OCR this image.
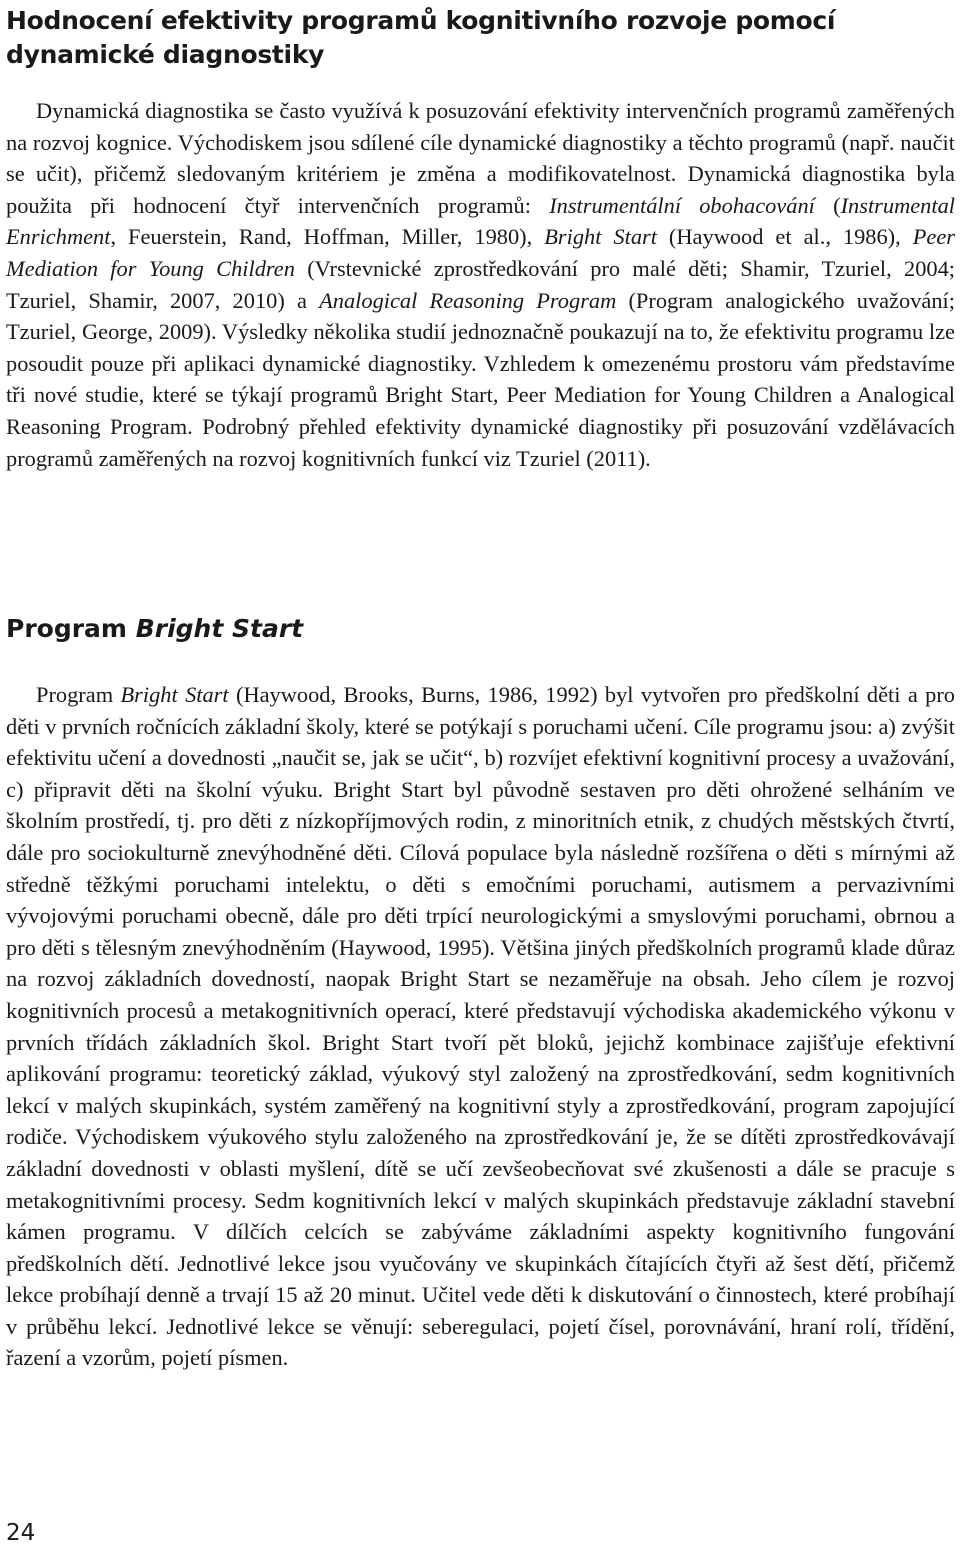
Hodnocení efektivity programů kognitivního rozvoje pomocí dynamické diagnostiky

Dynamická diagnostika se často využívá k posuzování efektivity intervenčních programů zaměřených na rozvoj kognice. Východiskem jsou sdílené cíle dynamické diagnostiky a těchto programů (např. naučit se učit), přičemž sledovaným kritériem je změna a modifikovatelnost. Dynamická diagnostika byla použita při hodnocení čtyř intervenčních programů: Instrumentální obohacování (Instrumental Enrichment, Feuerstein, Rand, Hoffman, Miller, 1980), Bright Start (Haywood et al., 1986), Peer Mediation for Young Children (Vrstevnické zprostředkování pro malé děti; Shamir, Tzuriel, 2004; Tzuriel, Shamir, 2007, 2010) a Analogical Reasoning Program (Program analogického uvažování; Tzuriel, George, 2009). Výsledky několika studií jednoznačně poukazují na to, že efektivitu programu lze posoudit pouze při aplikaci dynamické diagnostiky. Vzhledem k omezenému prostoru vám představíme tři nové studie, které se týkají programů Bright Start, Peer Mediation for Young Children a Analogical Reasoning Program. Podrobný přehled efektivity dynamické diagnostiky při posuzování vzdělávacích programů zaměřených na rozvoj kognitivních funkcí viz Tzuriel (2011).

Program Bright Start

Program Bright Start (Haywood, Brooks, Burns, 1986, 1992) byl vytvořen pro předškolní děti a pro děti v prvních ročnících základní školy, které se potýkají s poruchami učení. Cíle programu jsou: a) zvýšit efektivitu učení a dovednosti „naučit se, jak se učit“, b) rozvíjet efektivní kognitivní procesy a uvažování, c) připravit děti na školní výuku. Bright Start byl původně sestaven pro děti ohrožené selháním ve školním prostředí, tj. pro děti z nízkopříjmových rodin, z minoritních etnik, z chudých městských čtvrtí, dále pro sociokulturně znevýhodněné děti. Cílová populace byla následně rozšířena o děti s mírnými až středně těžkými poruchami intelektu, o děti s emočními poruchami, autismem a pervazivními vývojovými poruchami obecně, dále pro děti trpící neurologickými a smyslovými poruchami, obrnou a pro děti s tělesným znevýhodněním (Haywood, 1995). Většina jiných předškolních programů klade důraz na rozvoj základních dovedností, naopak Bright Start se nezaměřuje na obsah. Jeho cílem je rozvoj kognitivních procesů a metakognitivních operací, které představují východiska akademického výkonu v prvních třídách základních škol. Bright Start tvoří pět bloků, jejichž kombinace zajišťuje efektivní aplikování programu: teoretický základ, výukový styl založený na zprostředkování, sedm kognitivních lekcí v malých skupinkách, systém zaměřený na kognitivní styly a zprostředkování, program zapojující rodiče. Východiskem výukového stylu založeného na zprostředkování je, že se dítěti zprostředkovávají základní dovednosti v oblasti myšlení, dítě se učí zevšeobecňovat své zkušenosti a dále se pracuje s metakognitivními procesy. Sedm kognitivních lekcí v malých skupinkách představuje základní stavební kámen programu. V dílčích celcích se zabýváme základními aspekty kognitivního fungování předškolních dětí. Jednotlivé lekce jsou vyučovány ve skupinkách čítajících čtyři až šest dětí, přičemž lekce probíhají denně a trvají 15 až 20 minut. Učitel vede děti k diskutování o činnostech, které probíhají v průběhu lekcí. Jednotlivé lekce se věnují: seberegulaci, pojetí čísel, porovnávání, hraní rolí, třídění, řazení a vzorům, pojetí písmen.

24
